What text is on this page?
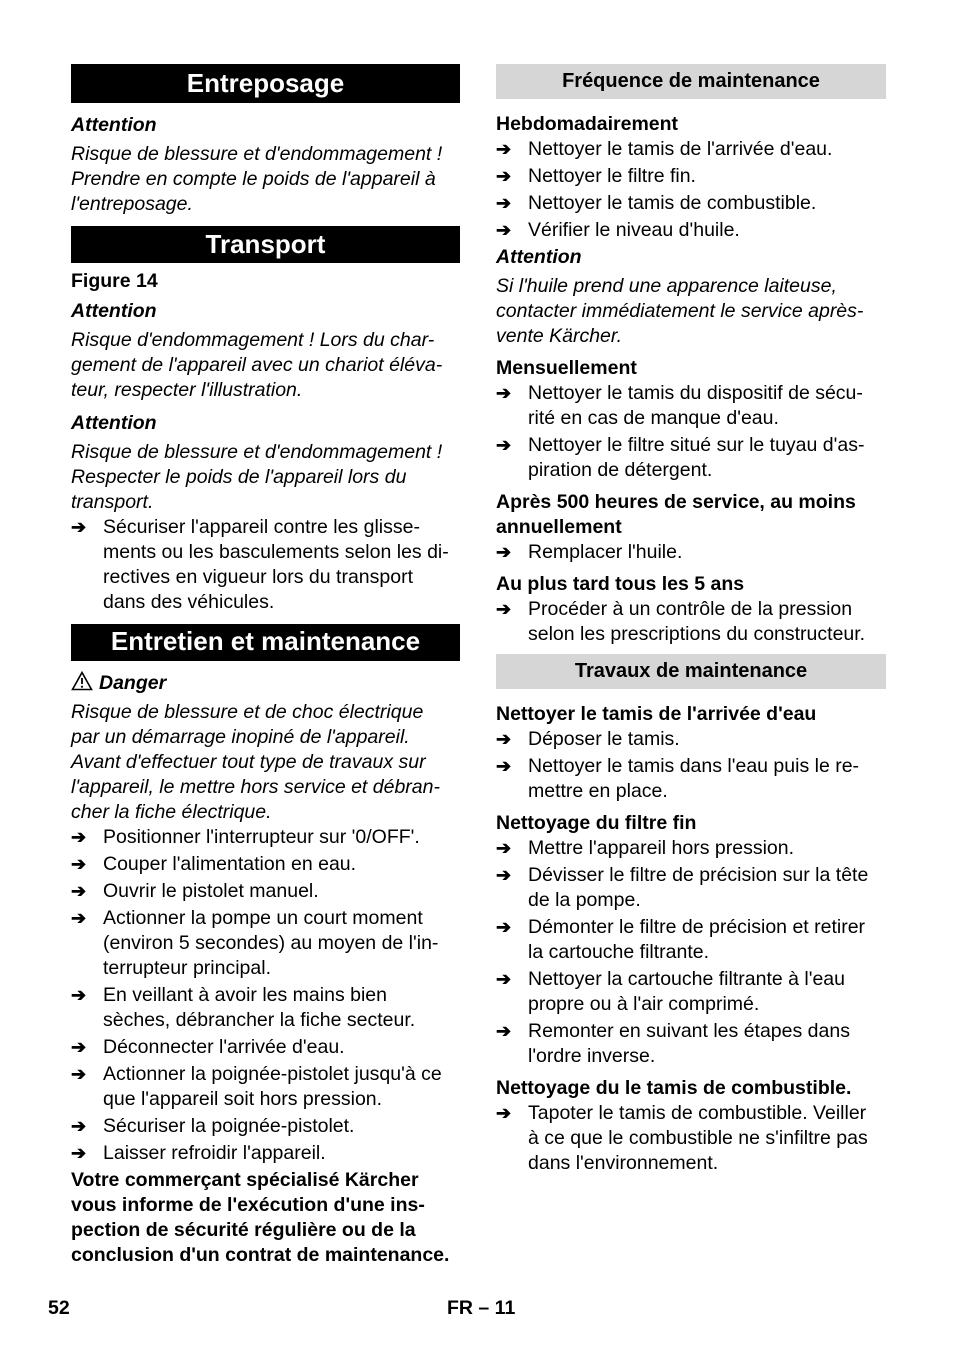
Entreposage

Attention

Risque de blessure et d'endommagement !
Prendre en compte le poids de l'appareil à
l'entreposage.

Transport

Figure 14

Attention

Risque d'endommagement ! Lors du char-
gement de l'appareil avec un chariot éléva-
teur, respecter l'illustration.

Attention

Risque de blessure et d'endommagement !
Respecter le poids de l'appareil lors du
transport.

➔ Sécuriser l'appareil contre les glisse-
ments ou les basculements selon les di-
rectives en vigueur lors du transport
dans des véhicules.
Entretien et maintenance

Danger

Risque de blessure et de choc électrique
par un démarrage inopiné de l'appareil.
Avant d'effectuer tout type de travaux sur
l'appareil, le mettre hors service et débran-
cher la fiche électrique.

➔ Positionner l'interrupteur sur '0/OFF'.
➔ Couper l'alimentation en eau.
➔ Ouvrir le pistolet manuel.
➔ Actionner la pompe un court moment
(environ 5 secondes) au moyen de l'in-
terrupteur principal.
➔ En veillant à avoir les mains bien
sèches, débrancher la fiche secteur.
➔ Déconnecter l'arrivée d'eau.
➔ Actionner la poignée-pistolet jusqu'à ce
que l'appareil soit hors pression.
➔ Sécuriser la poignée-pistolet.
➔ Laisser refroidir l'appareil.

Votre commerçant spécialisé Kärcher
vous informe de l'exécution d'une ins-
pection de sécurité régulière ou de la
conclusion d'un contrat de maintenance.

Fréquence de maintenance

Hebdomadairement

➔ Nettoyer le tamis de l'arrivée d'eau.
➔ Nettoyer le filtre fin.
➔ Nettoyer le tamis de combustible.
➔ Vérifier le niveau d'huile.

Attention

Si l'huile prend une apparence laiteuse,
contacter immédiatement le service après-
vente Kärcher.

Mensuellement

➔ Nettoyer le tamis du dispositif de sécu-
rité en cas de manque d'eau.
➔ Nettoyer le filtre situé sur le tuyau d'as-
piration de détergent.

Après 500 heures de service, au moins
annuellement

➔ Remplacer l'huile.

Au plus tard tous les 5 ans

➔ Procéder à un contrôle de la pression
selon les prescriptions du constructeur.
Travaux de maintenance

Nettoyer le tamis de l'arrivée d'eau

➔ Déposer le tamis.
➔ Nettoyer le tamis dans l'eau puis le re-
mettre en place.

Nettoyage du filtre fin

➔ Mettre l'appareil hors pression.
➔ Dévisser le filtre de précision sur la tête
de la pompe.
➔ Démonter le filtre de précision et retirer
la cartouche filtrante.
➔ Nettoyer la cartouche filtrante à l'eau
propre ou à l'air comprimé.
➔ Remonter en suivant les étapes dans
l'ordre inverse.

Nettoyage du le tamis de combustible.

➔ Tapoter le tamis de combustible. Veiller
à ce que le combustible ne s'infiltre pas
dans l'environnement.
52	FR – 11
